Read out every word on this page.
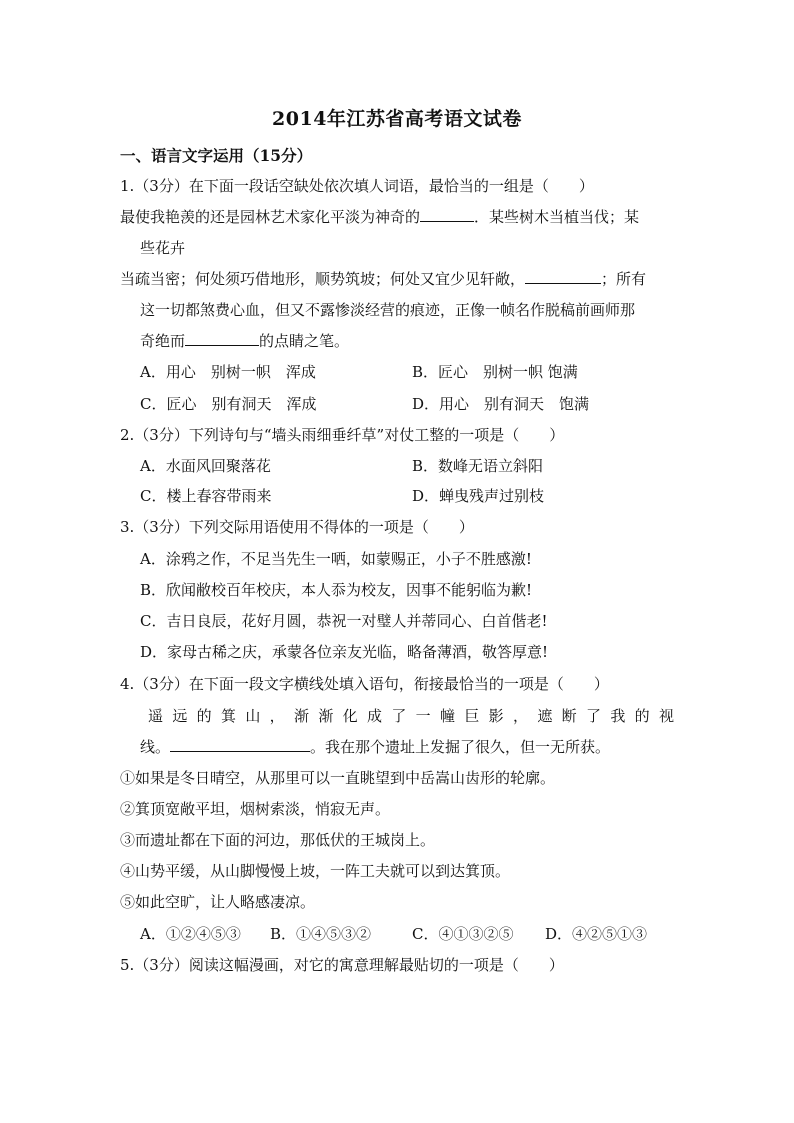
2014年江苏省高考语文试卷
一、语言文字运用（15分）
1.（3分）在下面一段话空缺处依次填人词语，最恰当的一组是（　　）
最使我艳羡的还是园林艺术家化平淡为神奇的	．某些树木当植当伐；某
些花卉
当疏当密；何处须巧借地形，顺势筑坡；何处又宜少见轩敞，	；所有
这一切都煞费心血，但又不露惨淡经营的痕迹，正像一帧名作脱稿前画师那
奇绝而	的点睛之笔。
A．用心　别树一帜　浑成	B．匠心　别树一帜 饱满
C．匠心　别有洞天　浑成	D．用心　别有洞天　饱满
2.（3分）下列诗句与“墙头雨细垂纤草”对仗工整的一项是（　　）
A．水面风回聚落花	B．数峰无语立斜阳
C．楼上春容带雨来	D．蝉曳残声过别枝
3.（3分）下列交际用语使用不得体的一项是（　　）
A．涂鸦之作，不足当先生一哂，如蒙赐正，小子不胜感激!
B．欣闻敝校百年校庆，本人忝为校友，因事不能躬临为歉!
C．吉日良辰，花好月圆，恭祝一对璧人并蒂同心、白首偕老!
D．家母古稀之庆，承蒙各位亲友光临，略备薄酒，敬答厚意!
4.（3分）在下面一段文字横线处填入语句，衔接最恰当的一项是（　　）
遥远的箕山，渐渐化成了一幢巨影，遮断了我的视
线。	。我在那个遗址上发掘了很久，但一无所获。
①如果是冬日晴空，从那里可以一直眺望到中岳嵩山齿形的轮廓。
②箕顶宽敞平坦，烟树索淡，悄寂无声。
③而遗址都在下面的河边，那低伏的王城岗上。
④山势平缓，从山脚慢慢上坡，一阵工夫就可以到达箕顶。
⑤如此空旷，让人略感凄凉。
A．①②④⑤③ B．①④⑤③②	C．④①③②⑤ D．④②⑤①③
5.（3分）阅读这幅漫画，对它的寓意理解最贴切的一项是（　　）
